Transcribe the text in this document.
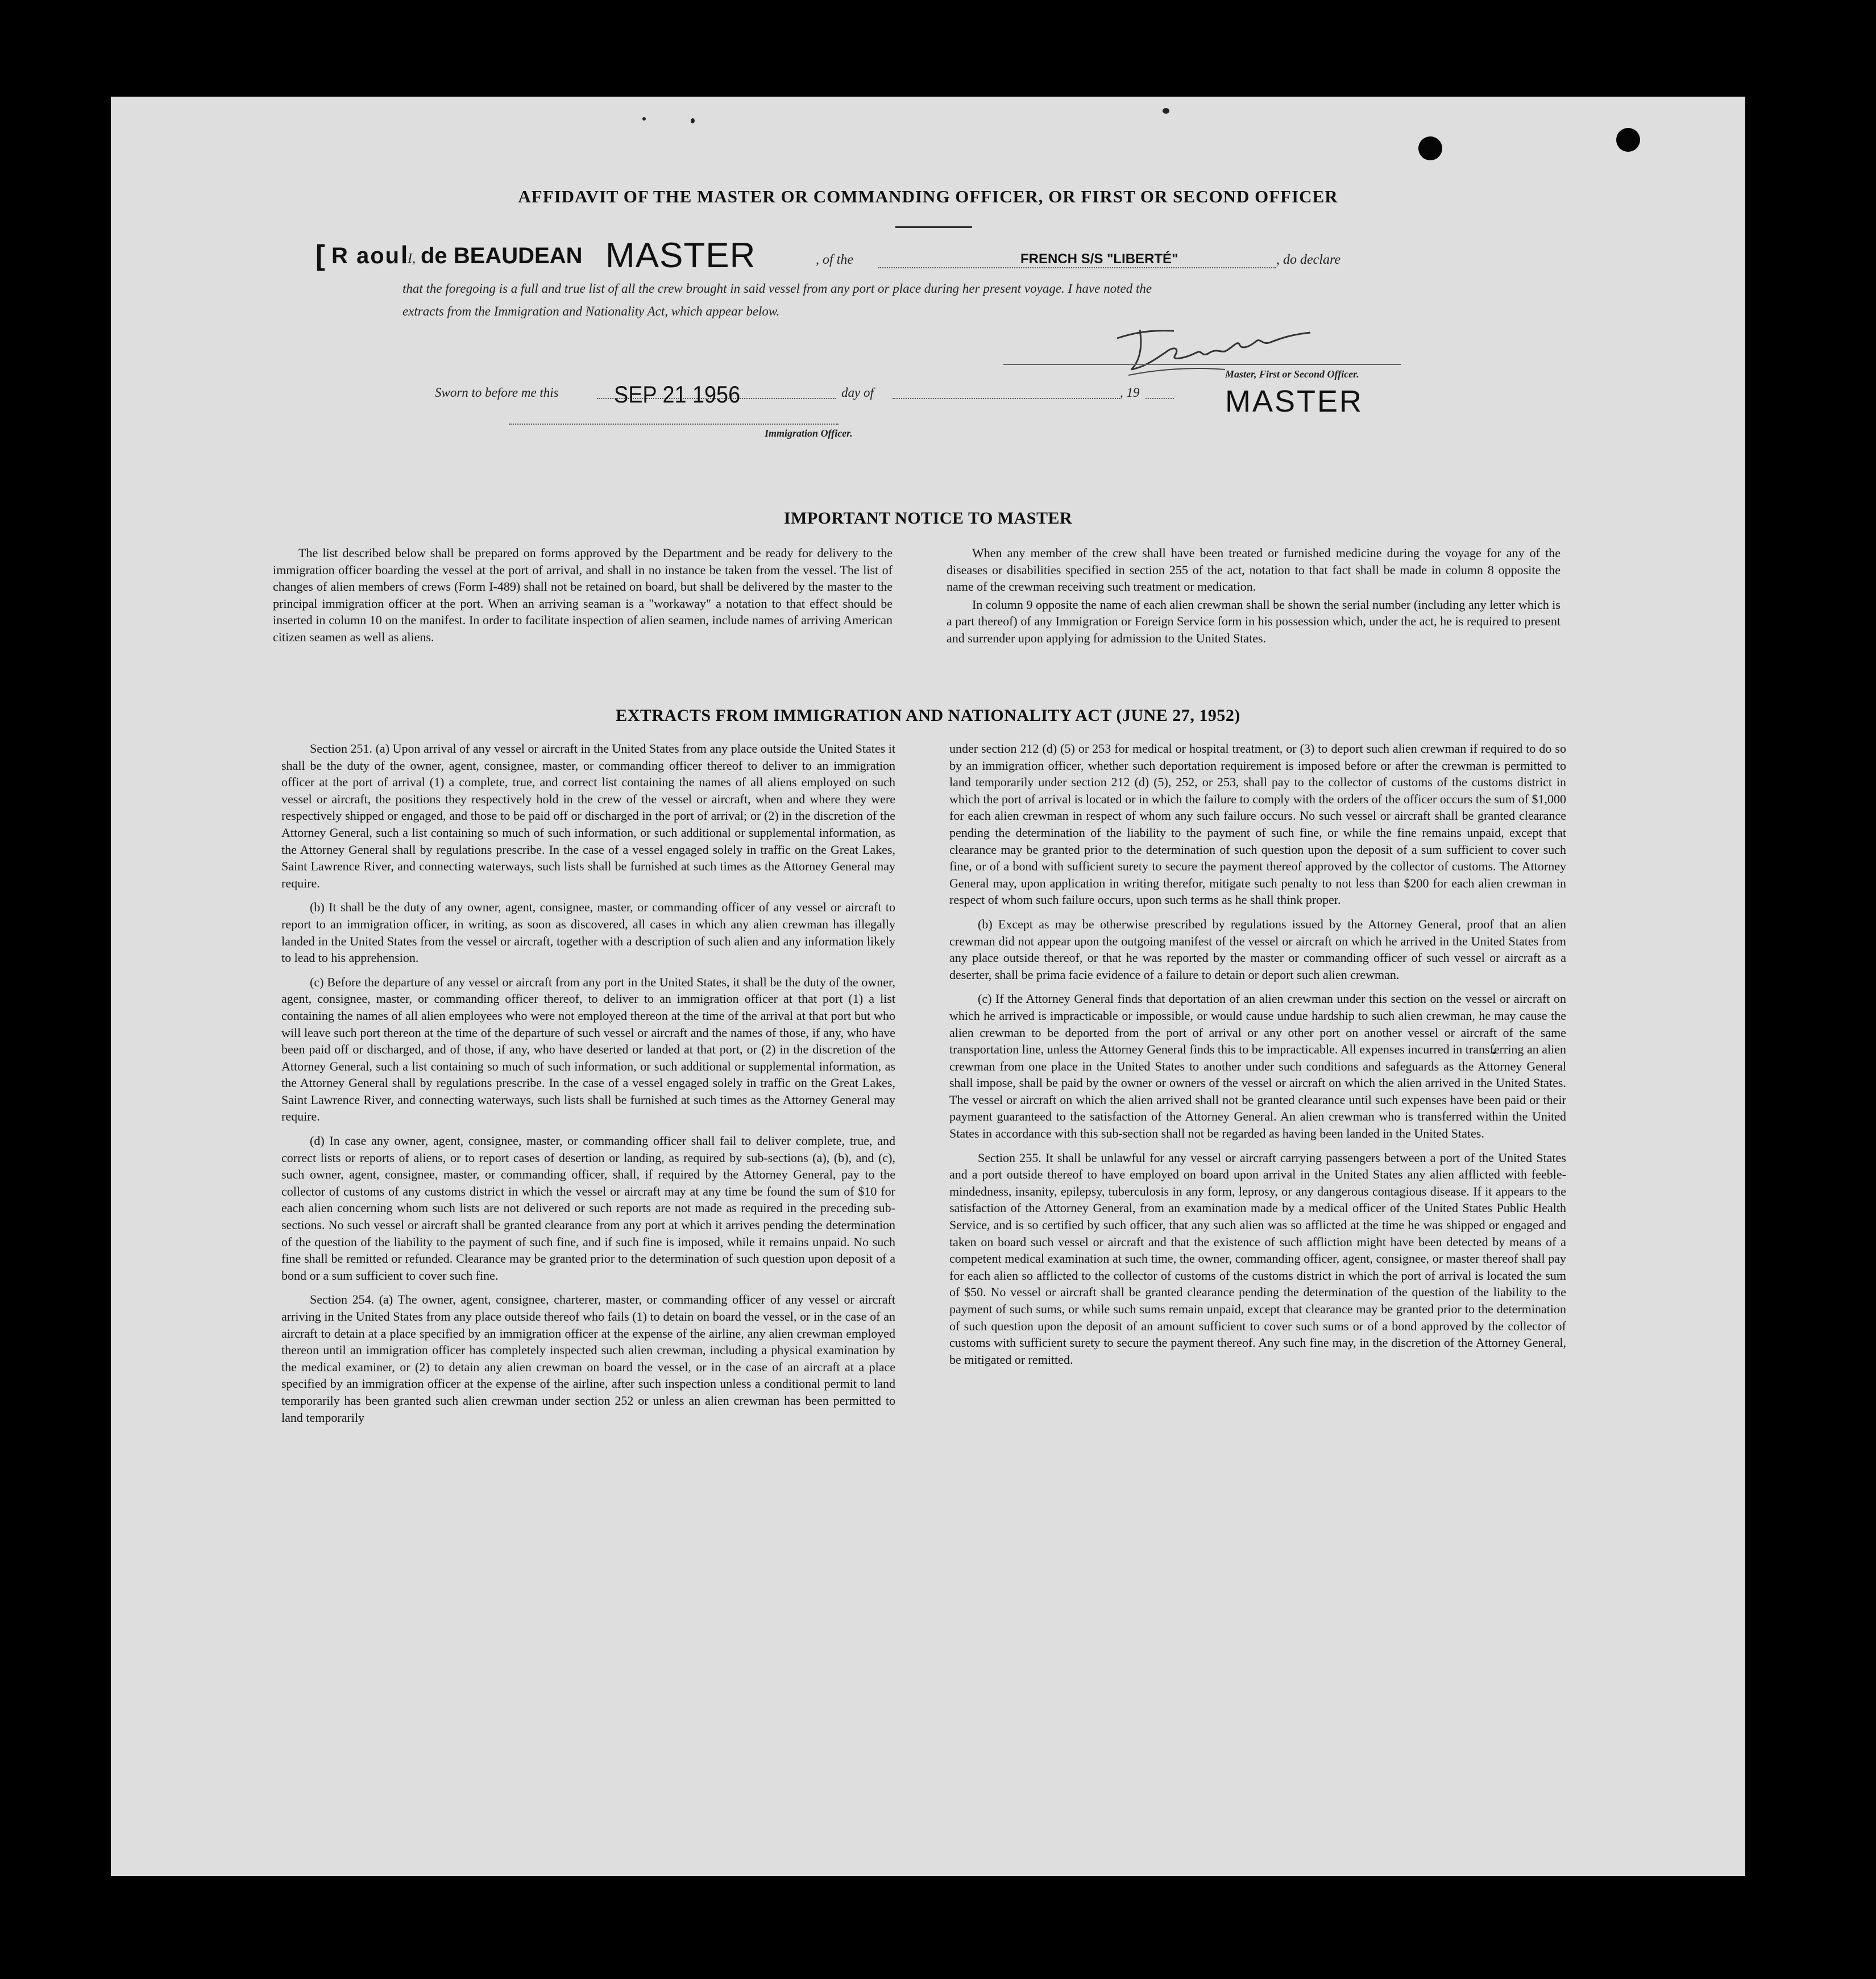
AFFIDAVIT OF THE MASTER OR COMMANDING OFFICER, OR FIRST OR SECOND OFFICER
[ R aou l I, de BEAUDEAN MASTER	, of the	FRENCH S/S "LIBERTÉ"	, do declare
that the foregoing is a full and true list of all the crew brought in said vessel from any port or place during her present voyage. I have noted the
extracts from the Immigration and Nationality Act, which appear below.
Master, First or Second Officer.
MASTER
Sworn to before me this SEP 21 1956	day of	, 19
Immigration Officer.
IMPORTANT NOTICE TO MASTER

The list described below shall be prepared on forms approved by the Department and be ready for delivery to the immigration officer boarding the vessel at the port of arrival, and shall in no instance be taken from the vessel. The list of changes of alien members of crews (Form I-489) shall not be retained on board, but shall be delivered by the master to the principal immigration officer at the port. When an arriving seaman is a "workaway" a notation to that effect should be inserted in column 10 on the manifest. In order to facilitate inspection of alien seamen, include names of arriving American citizen seamen as well as aliens.

When any member of the crew shall have been treated or furnished medicine during the voyage for any of the diseases or disabilities specified in section 255 of the act, notation to that fact shall be made in column 8 opposite the name of the crewman receiving such treatment or medication.

In column 9 opposite the name of each alien crewman shall be shown the serial number (including any letter which is a part thereof) of any Immigration or Foreign Service form in his possession which, under the act, he is required to present and surrender upon applying for admission to the United States.

EXTRACTS FROM IMMIGRATION AND NATIONALITY ACT (JUNE 27, 1952)

Section 251. (a) Upon arrival of any vessel or aircraft in the United States from any place outside the United States it shall be the duty of the owner, agent, consignee, master, or commanding officer thereof to deliver to an immigration officer at the port of arrival (1) a complete, true, and correct list containing the names of all aliens employed on such vessel or aircraft, the positions they respectively hold in the crew of the vessel or aircraft, when and where they were respectively shipped or engaged, and those to be paid off or discharged in the port of arrival; or (2) in the discretion of the Attorney General, such a list containing so much of such information, or such additional or supplemental information, as the Attorney General shall by regulations prescribe. In the case of a vessel engaged solely in traffic on the Great Lakes, Saint Lawrence River, and connecting waterways, such lists shall be furnished at such times as the Attorney General may require.

(b) It shall be the duty of any owner, agent, consignee, master, or commanding officer of any vessel or aircraft to report to an immigration officer, in writing, as soon as discovered, all cases in which any alien crewman has illegally landed in the United States from the vessel or aircraft, together with a description of such alien and any information likely to lead to his apprehension.

(c) Before the departure of any vessel or aircraft from any port in the United States, it shall be the duty of the owner, agent, consignee, master, or commanding officer thereof, to deliver to an immigration officer at that port (1) a list containing the names of all alien employees who were not employed thereon at the time of the arrival at that port but who will leave such port thereon at the time of the departure of such vessel or aircraft and the names of those, if any, who have been paid off or discharged, and of those, if any, who have deserted or landed at that port, or (2) in the discretion of the Attorney General, such a list containing so much of such information, or such additional or supplemental information, as the Attorney General shall by regulations prescribe. In the case of a vessel engaged solely in traffic on the Great Lakes, Saint Lawrence River, and connecting waterways, such lists shall be furnished at such times as the Attorney General may require.

(d) In case any owner, agent, consignee, master, or commanding officer shall fail to deliver complete, true, and correct lists or reports of aliens, or to report cases of desertion or landing, as required by sub-sections (a), (b), and (c), such owner, agent, consignee, master, or commanding officer, shall, if required by the Attorney General, pay to the collector of customs of any customs district in which the vessel or aircraft may at any time be found the sum of $10 for each alien concerning whom such lists are not delivered or such reports are not made as required in the preceding sub-sections. No such vessel or aircraft shall be granted clearance from any port at which it arrives pending the determination of the question of the liability to the payment of such fine, and if such fine is imposed, while it remains unpaid. No such fine shall be remitted or refunded. Clearance may be granted prior to the determination of such question upon deposit of a bond or a sum sufficient to cover such fine.

Section 254. (a) The owner, agent, consignee, charterer, master, or commanding officer of any vessel or aircraft arriving in the United States from any place outside thereof who fails (1) to detain on board the vessel, or in the case of an aircraft to detain at a place specified by an immigration officer at the expense of the airline, any alien crewman employed thereon until an immigration officer has completely inspected such alien crewman, including a physical examination by the medical examiner, or (2) to detain any alien crewman on board the vessel, or in the case of an aircraft at a place specified by an immigration officer at the expense of the airline, after such inspection unless a conditional permit to land temporarily has been granted such alien crewman under section 252 or unless an alien crewman has been permitted to land temporarily

under section 212 (d) (5) or 253 for medical or hospital treatment, or (3) to deport such alien crewman if required to do so by an immigration officer, whether such deportation requirement is imposed before or after the crewman is permitted to land temporarily under section 212 (d) (5), 252, or 253, shall pay to the collector of customs of the customs district in which the port of arrival is located or in which the failure to comply with the orders of the officer occurs the sum of $1,000 for each alien crewman in respect of whom any such failure occurs. No such vessel or aircraft shall be granted clearance pending the determination of the liability to the payment of such fine, or while the fine remains unpaid, except that clearance may be granted prior to the determination of such question upon the deposit of a sum sufficient to cover such fine, or of a bond with sufficient surety to secure the payment thereof approved by the collector of customs. The Attorney General may, upon application in writing therefor, mitigate such penalty to not less than $200 for each alien crewman in respect of whom such failure occurs, upon such terms as he shall think proper.

(b) Except as may be otherwise prescribed by regulations issued by the Attorney General, proof that an alien crewman did not appear upon the outgoing manifest of the vessel or aircraft on which he arrived in the United States from any place outside thereof, or that he was reported by the master or commanding officer of such vessel or aircraft as a deserter, shall be prima facie evidence of a failure to detain or deport such alien crewman.

(c) If the Attorney General finds that deportation of an alien crewman under this section on the vessel or aircraft on which he arrived is impracticable or impossible, or would cause undue hardship to such alien crewman, he may cause the alien crewman to be deported from the port of arrival or any other port on another vessel or aircraft of the same transportation line, unless the Attorney General finds this to be impracticable. All expenses incurred in transferring an alien crewman from one place in the United States to another under such conditions and safeguards as the Attorney General shall impose, shall be paid by the owner or owners of the vessel or aircraft on which the alien arrived in the United States. The vessel or aircraft on which the alien arrived shall not be granted clearance until such expenses have been paid or their payment guaranteed to the satisfaction of the Attorney General. An alien crewman who is transferred within the United States in accordance with this sub-section shall not be regarded as having been landed in the United States.

Section 255. It shall be unlawful for any vessel or aircraft carrying passengers between a port of the United States and a port outside thereof to have employed on board upon arrival in the United States any alien afflicted with feeble-mindedness, insanity, epilepsy, tuberculosis in any form, leprosy, or any dangerous contagious disease. If it appears to the satisfaction of the Attorney General, from an examination made by a medical officer of the United States Public Health Service, and is so certified by such officer, that any such alien was so afflicted at the time he was shipped or engaged and taken on board such vessel or aircraft and that the existence of such affliction might have been detected by means of a competent medical examination at such time, the owner, commanding officer, agent, consignee, or master thereof shall pay for each alien so afflicted to the collector of customs of the customs district in which the port of arrival is located the sum of $50. No vessel or aircraft shall be granted clearance pending the determination of the question of the liability to the payment of such sums, or while such sums remain unpaid, except that clearance may be granted prior to the determination of such question upon the deposit of an amount sufficient to cover such sums or of a bond approved by the collector of customs with sufficient surety to secure the payment thereof. Any such fine may, in the discretion of the Attorney General, be mitigated or remitted.
